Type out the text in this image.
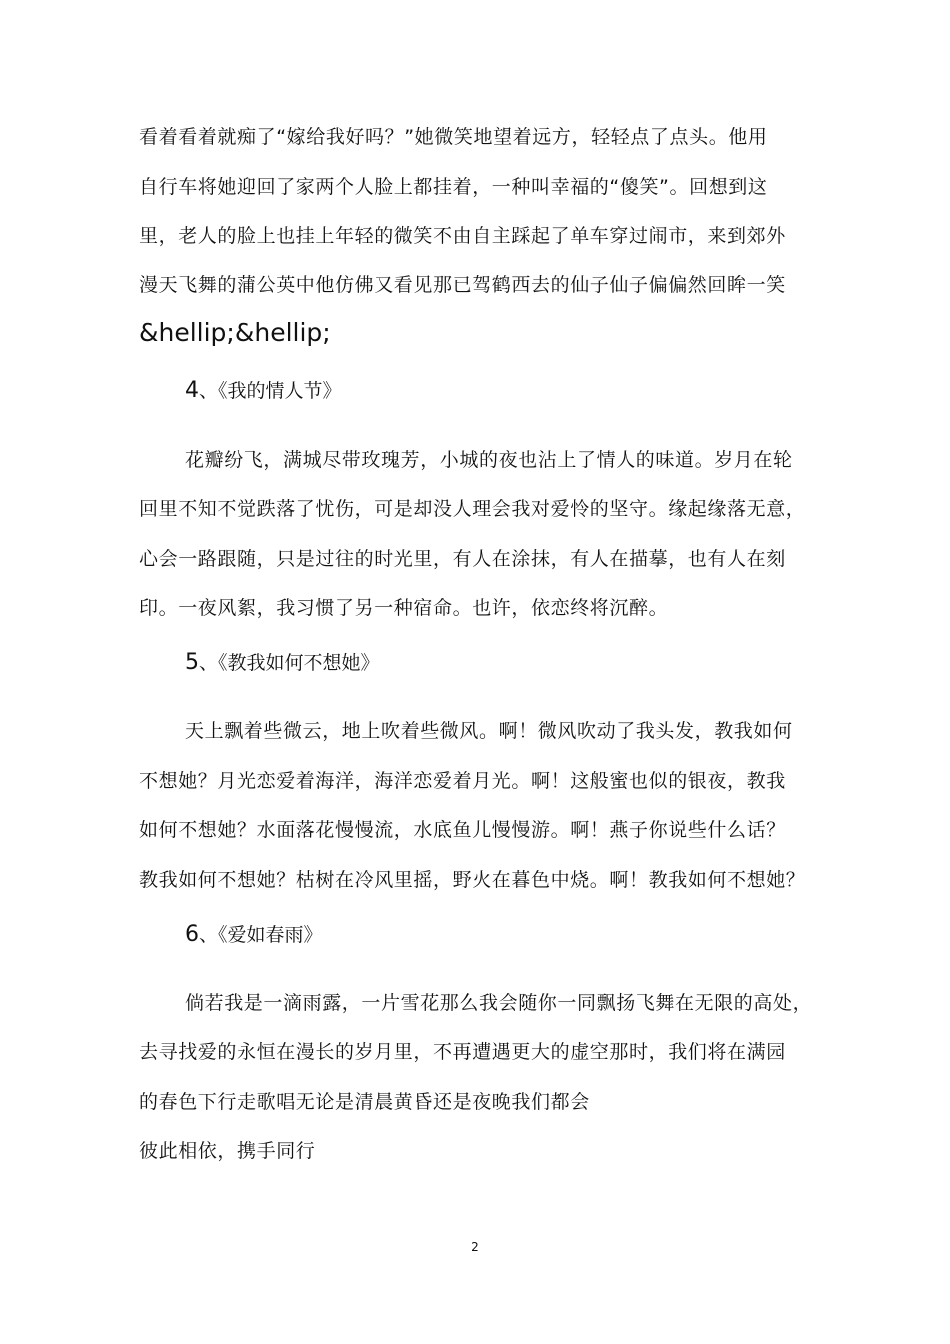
看着看着就痴了“嫁给我好吗？”她微笑地望着远方，轻轻点了点头。他用

自行车将她迎回了家两个人脸上都挂着，一种叫幸福的“傻笑”。回想到这

里，老人的脸上也挂上年轻的微笑不由自主踩起了单车穿过闹市，来到郊外

漫天飞舞的蒲公英中他仿佛又看见那已驾鹤西去的仙子仙子偏偏然回眸一笑

&hellip;&hellip;

4、《我的情人节》

花瓣纷飞，满城尽带玫瑰芳，小城的夜也沾上了情人的味道。岁月在轮

回里不知不觉跌落了忧伤，可是却没人理会我对爱怜的坚守。缘起缘落无意，

心会一路跟随，只是过往的时光里，有人在涂抹，有人在描摹，也有人在刻

印。一夜风絮，我习惯了另一种宿命。也许，依恋终将沉醉。

5、《教我如何不想她》

天上飘着些微云，地上吹着些微风。啊！微风吹动了我头发，教我如何

不想她？月光恋爱着海洋，海洋恋爱着月光。啊！这般蜜也似的银夜，教我

如何不想她？水面落花慢慢流，水底鱼儿慢慢游。啊！燕子你说些什么话？

教我如何不想她？枯树在冷风里摇，野火在暮色中烧。啊！教我如何不想她？

6、《爱如春雨》

倘若我是一滴雨露，一片雪花那么我会随你一同飘扬飞舞在无限的高处，

去寻找爱的永恒在漫长的岁月里，不再遭遇更大的虚空那时，我们将在满园

的春色下行走歌唱无论是清晨黄昏还是夜晚我们都会

彼此相依，携手同行

2
